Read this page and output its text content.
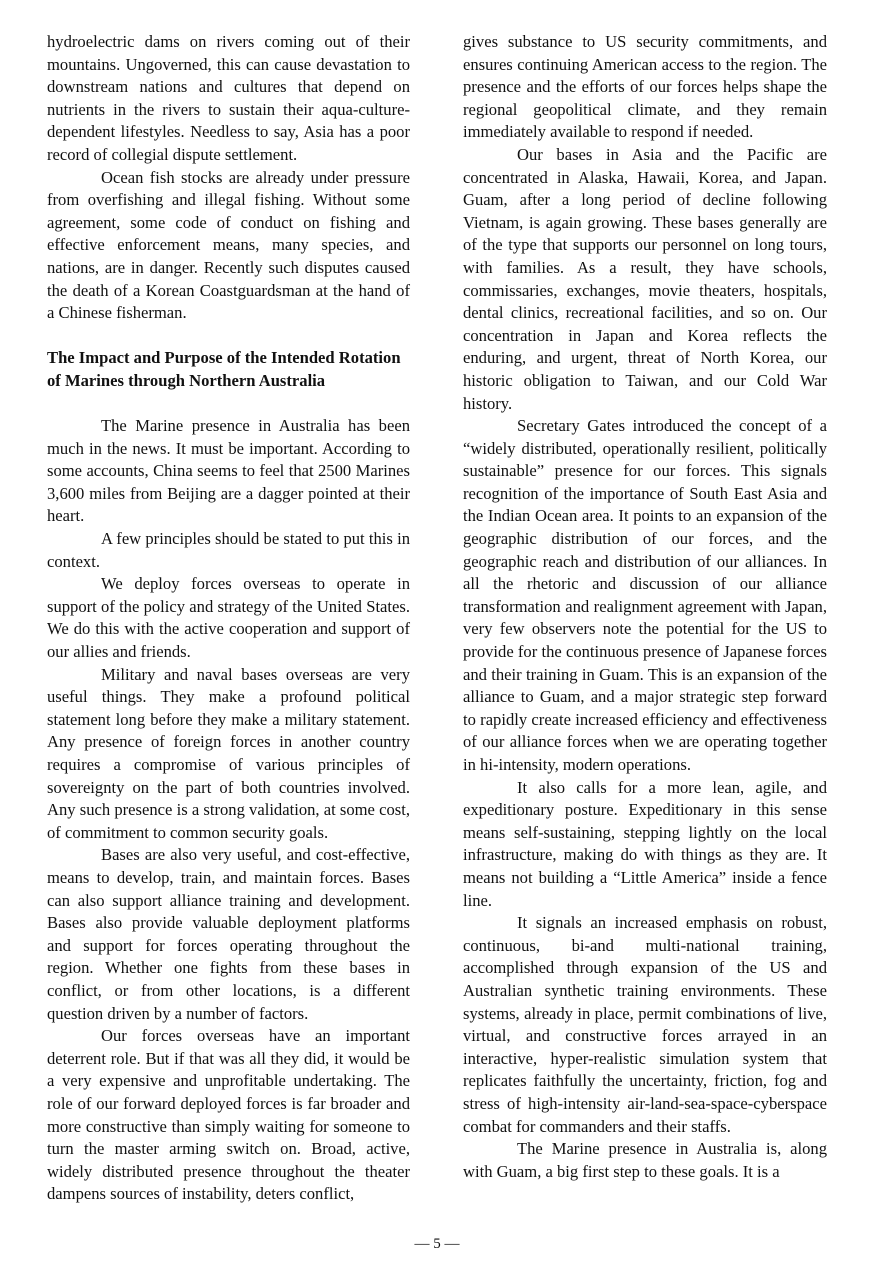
hydroelectric dams on rivers coming out of their mountains. Ungoverned, this can cause devastation to downstream nations and cultures that depend on nutrients in the rivers to sustain their aqua-culture-dependent lifestyles. Needless to say, Asia has a poor record of collegial dispute settlement.

Ocean fish stocks are already under pressure from overfishing and illegal fishing. Without some agreement, some code of conduct on fishing and effective enforcement means, many species, and nations, are in danger. Recently such disputes caused the death of a Korean Coastguardsman at the hand of a Chinese fisherman.

The Impact and Purpose of the Intended Rotation of Marines through Northern Australia

The Marine presence in Australia has been much in the news. It must be important. According to some accounts, China seems to feel that 2500 Marines 3,600 miles from Beijing are a dagger pointed at their heart.

A few principles should be stated to put this in context.

We deploy forces overseas to operate in support of the policy and strategy of the United States. We do this with the active cooperation and support of our allies and friends.

Military and naval bases overseas are very useful things. They make a profound political statement long before they make a military statement. Any presence of foreign forces in another country requires a compromise of various principles of sovereignty on the part of both countries involved. Any such presence is a strong validation, at some cost, of commitment to common security goals.

Bases are also very useful, and cost-effective, means to develop, train, and maintain forces. Bases can also support alliance training and development. Bases also provide valuable deployment platforms and support for forces operating throughout the region. Whether one fights from these bases in conflict, or from other locations, is a different question driven by a number of factors.

Our forces overseas have an important deterrent role. But if that was all they did, it would be a very expensive and unprofitable undertaking. The role of our forward deployed forces is far broader and more constructive than simply waiting for someone to turn the master arming switch on. Broad, active, widely distributed presence throughout the theater dampens sources of instability, deters conflict,

gives substance to US security commitments, and ensures continuing American access to the region. The presence and the efforts of our forces helps shape the regional geopolitical climate, and they remain immediately available to respond if needed.

Our bases in Asia and the Pacific are concentrated in Alaska, Hawaii, Korea, and Japan. Guam, after a long period of decline following Vietnam, is again growing. These bases generally are of the type that supports our personnel on long tours, with families. As a result, they have schools, commissaries, exchanges, movie theaters, hospitals, dental clinics, recreational facilities, and so on. Our concentration in Japan and Korea reflects the enduring, and urgent, threat of North Korea, our historic obligation to Taiwan, and our Cold War history.

Secretary Gates introduced the concept of a “widely distributed, operationally resilient, politically sustainable” presence for our forces. This signals recognition of the importance of South East Asia and the Indian Ocean area. It points to an expansion of the geographic distribution of our forces, and the geographic reach and distribution of our alliances. In all the rhetoric and discussion of our alliance transformation and realignment agreement with Japan, very few observers note the potential for the US to provide for the continuous presence of Japanese forces and their training in Guam. This is an expansion of the alliance to Guam, and a major strategic step forward to rapidly create increased efficiency and effectiveness of our alliance forces when we are operating together in hi-intensity, modern operations.

It also calls for a more lean, agile, and expeditionary posture. Expeditionary in this sense means self-sustaining, stepping lightly on the local infrastructure, making do with things as they are. It means not building a “Little America” inside a fence line.

It signals an increased emphasis on robust, continuous, bi-and multi-national training, accomplished through expansion of the US and Australian synthetic training environments. These systems, already in place, permit combinations of live, virtual, and constructive forces arrayed in an interactive, hyper-realistic simulation system that replicates faithfully the uncertainty, friction, fog and stress of high-intensity air-land-sea-space-cyberspace combat for commanders and their staffs.

The Marine presence in Australia is, along with Guam, a big first step to these goals. It is a

— 5 —
